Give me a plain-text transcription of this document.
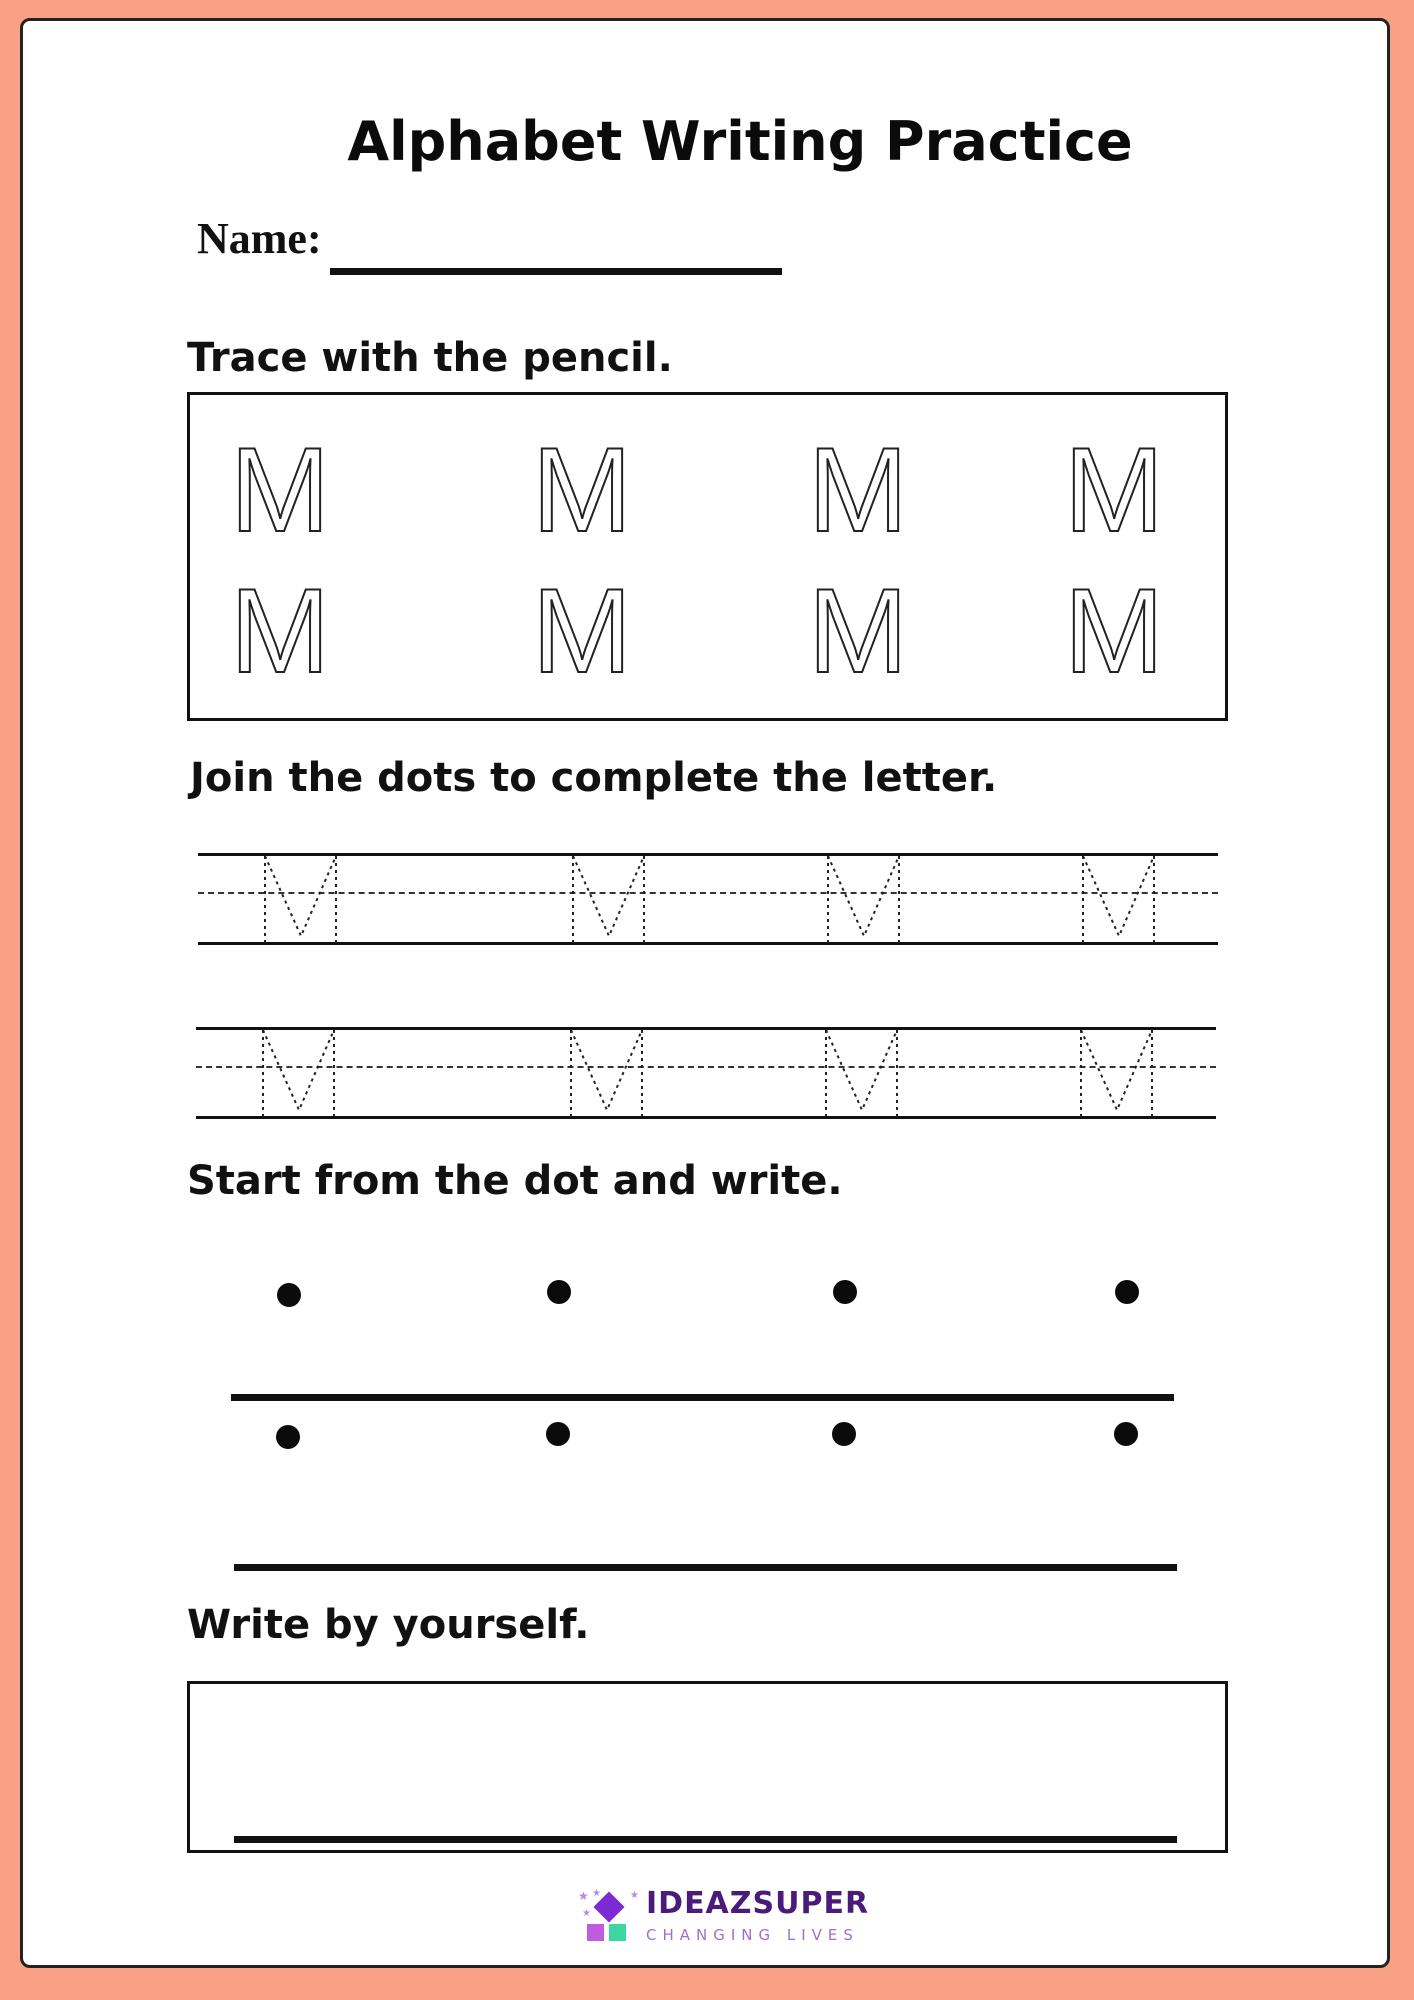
Alphabet Writing Practice
Name:
Trace with the pencil.
M M M M
M M M M
Join the dots to complete the letter.
Start from the dot and write.
Write by yourself.
★ ★	★
★ IDEAZSUPER
CHANGING LIVES
